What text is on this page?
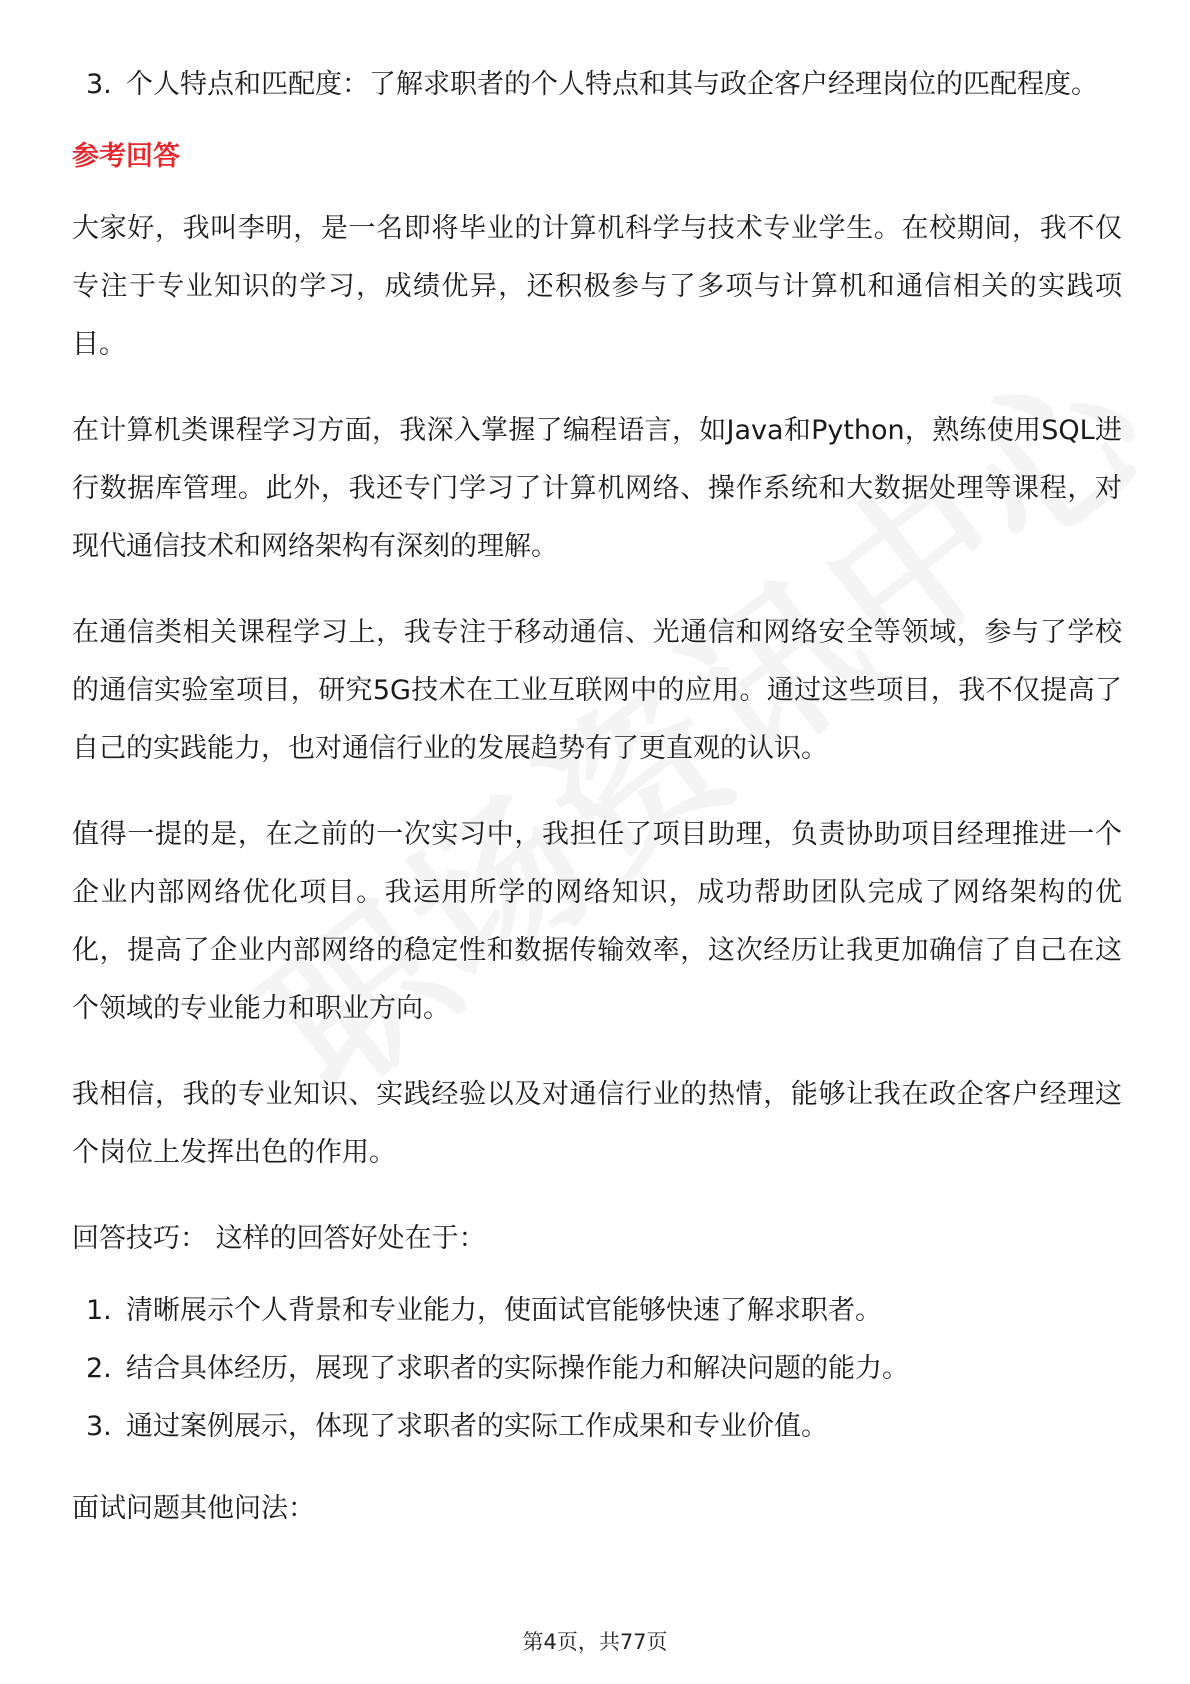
3. 个人特点和匹配度：了解求职者的个人特点和其与政企客户经理岗位的匹配程度。
参考回答
大家好，我叫李明，是一名即将毕业的计算机科学与技术专业学生。在校期间，我不仅专注于专业知识的学习，成绩优异，还积极参与了多项与计算机和通信相关的实践项目。
在计算机类课程学习方面，我深入掌握了编程语言，如Java和Python，熟练使用SQL进行数据库管理。此外，我还专门学习了计算机网络、操作系统和大数据处理等课程，对现代通信技术和网络架构有深刻的理解。
在通信类相关课程学习上，我专注于移动通信、光通信和网络安全等领域，参与了学校的通信实验室项目，研究5G技术在工业互联网中的应用。通过这些项目，我不仅提高了自己的实践能力，也对通信行业的发展趋势有了更直观的认识。
值得一提的是，在之前的一次实习中，我担任了项目助理，负责协助项目经理推进一个企业内部网络优化项目。我运用所学的网络知识，成功帮助团队完成了网络架构的优化，提高了企业内部网络的稳定性和数据传输效率，这次经历让我更加确信了自己在这个领域的专业能力和职业方向。
我相信，我的专业知识、实践经验以及对通信行业的热情，能够让我在政企客户经理这个岗位上发挥出色的作用。
回答技巧： 这样的回答好处在于：
1. 清晰展示个人背景和专业能力，使面试官能够快速了解求职者。
2. 结合具体经历，展现了求职者的实际操作能力和解决问题的能力。
3. 通过案例展示，体现了求职者的实际工作成果和专业价值。
面试问题其他问法：
第4页，共77页
